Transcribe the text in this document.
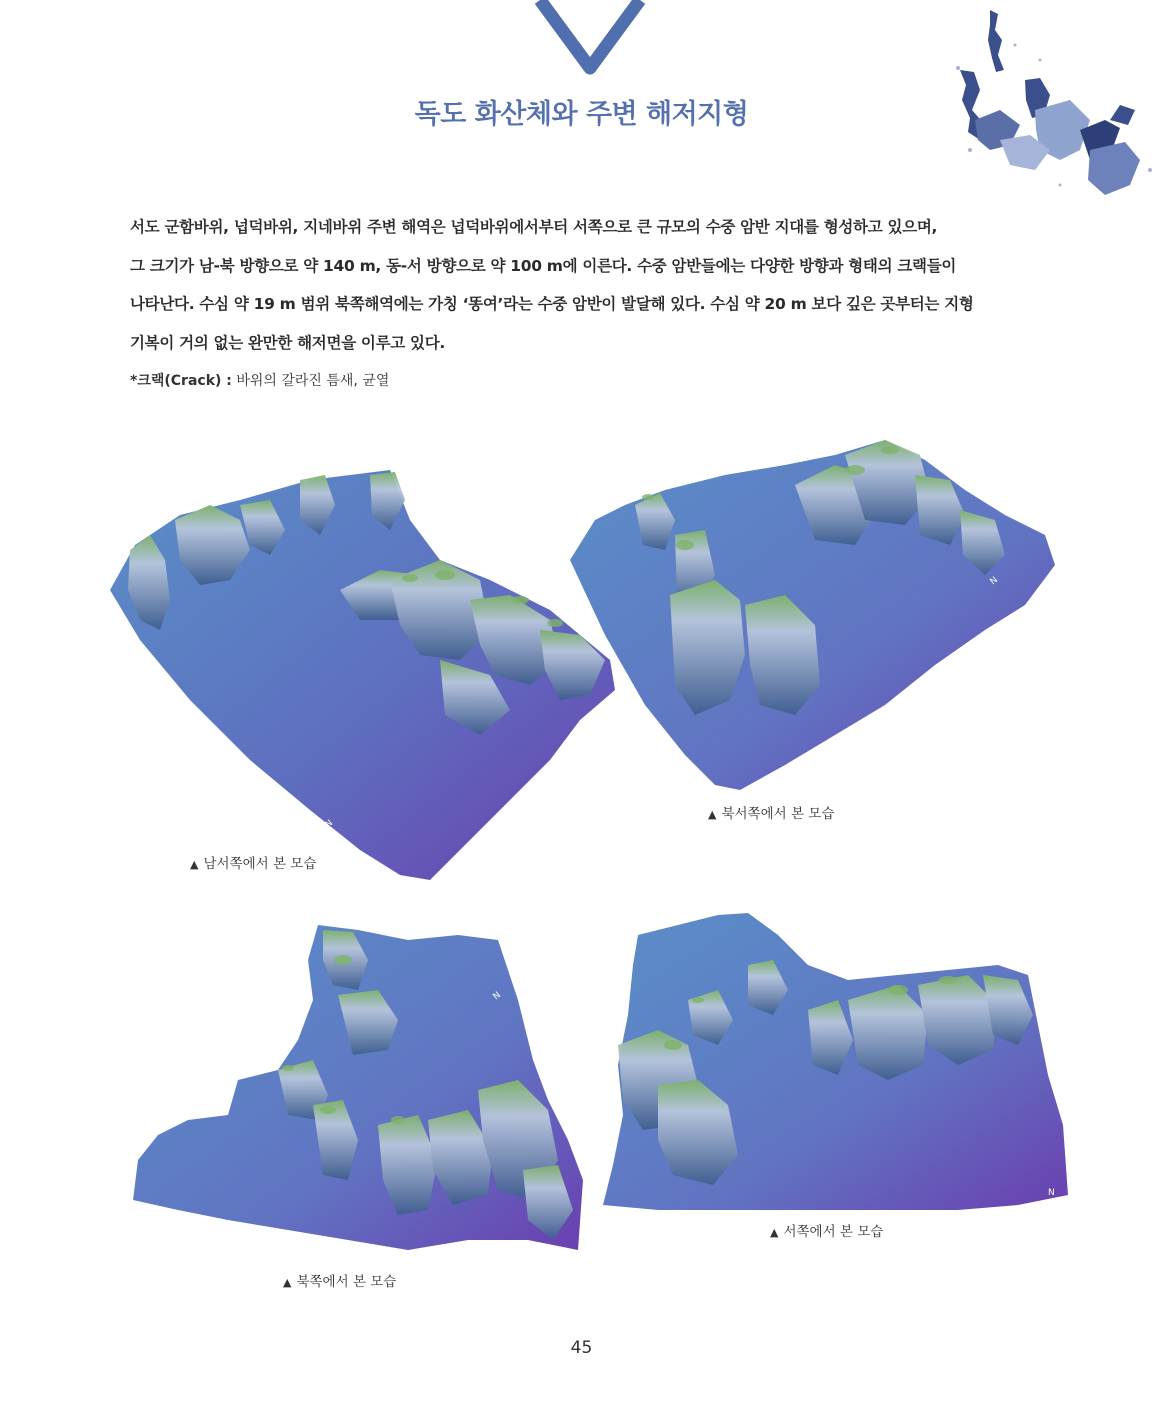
독도 화산체와 주변 해저지형
서도 군함바위, 넙덕바위, 지네바위 주변 해역은 넙덕바위에서부터 서쪽으로 큰 규모의 수중 암반 지대를 형성하고 있으며,
그 크기가 남-북 방향으로 약 140 m, 동-서 방향으로 약 100 m에 이른다. 수중 암반들에는 다양한 방향과 형태의 크랙들이
나타난다. 수심 약 19 m 범위 북쪽해역에는 가칭 ‘똥여’라는 수중 암반이 발달해 있다. 수심 약 20 m 보다 깊은 곳부터는 지형
기복이 거의 없는 완만한 해저면을 이루고 있다.
*크랙(Crack) : 바위의 갈라진 틈새, 균열
N
▲ 남서쪽에서 본 모습
N
▲ 북서쪽에서 본 모습
N
▲ 북쪽에서 본 모습
N
▲ 서쪽에서 본 모습
45
